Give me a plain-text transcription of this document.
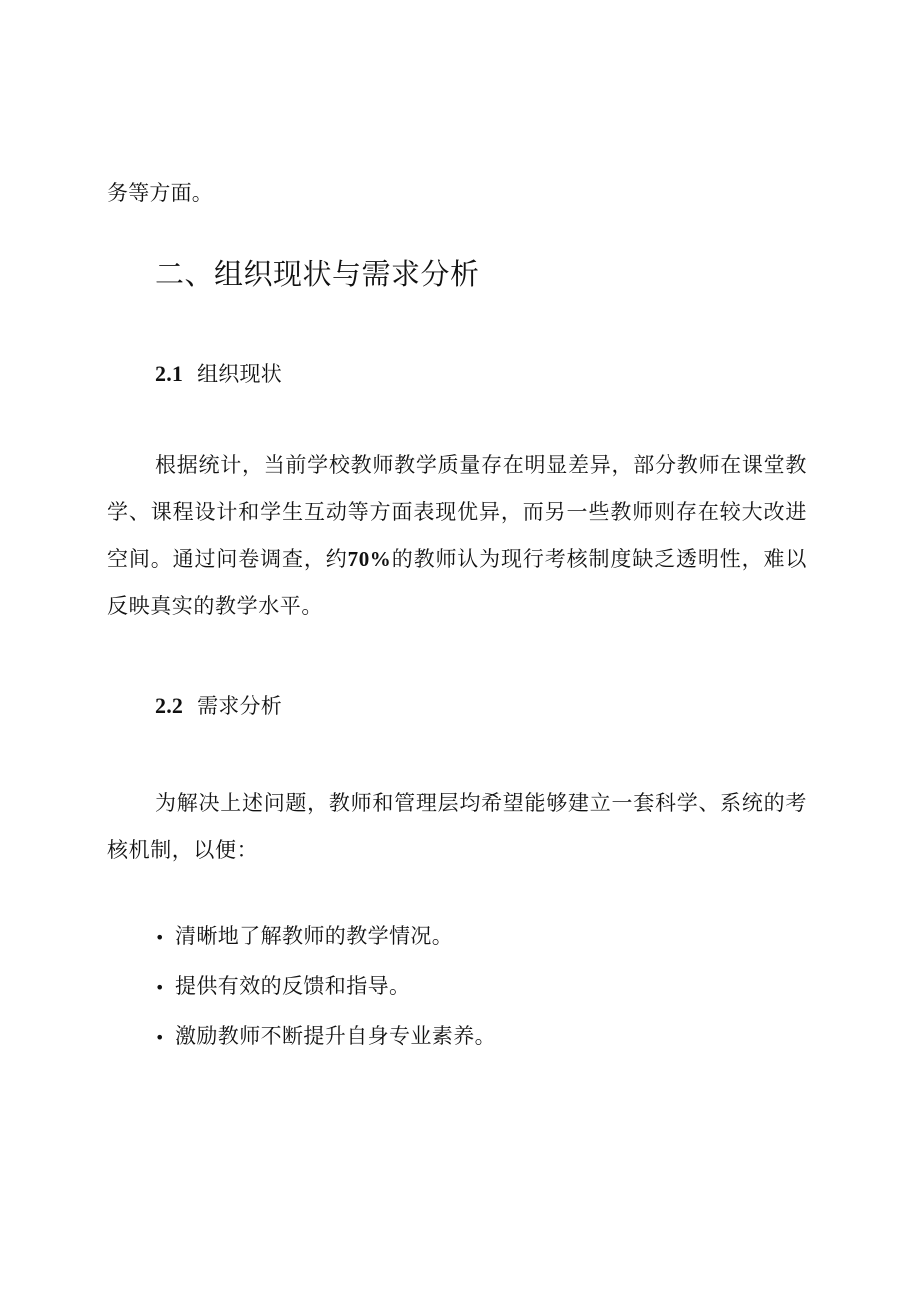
务等方面。
二、组织现状与需求分析
2.1 组织现状
根据统计，当前学校教师教学质量存在明显差异，部分教师在课堂教学、课程设计和学生互动等方面表现优异，而另一些教师则存在较大改进空间。通过问卷调查，约70%的教师认为现行考核制度缺乏透明性，难以反映真实的教学水平。
2.2 需求分析
为解决上述问题，教师和管理层均希望能够建立一套科学、系统的考核机制，以便：
• 清晰地了解教师的教学情况。
• 提供有效的反馈和指导。
• 激励教师不断提升自身专业素养。
